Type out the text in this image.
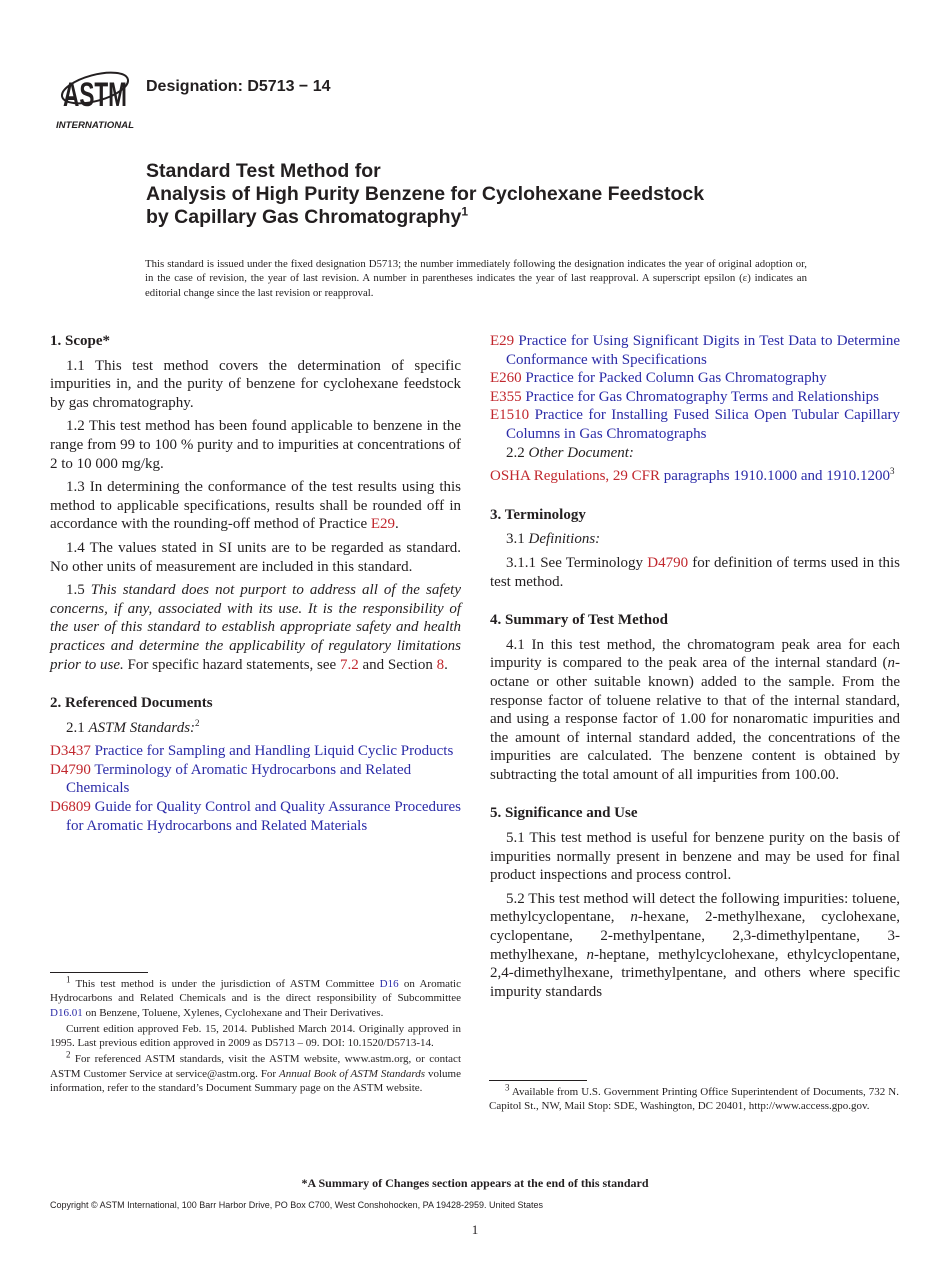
ASTM
INTERNATIONAL
Designation: D5713 − 14
Standard Test Method for
Analysis of High Purity Benzene for Cyclohexane Feedstock
by Capillary Gas Chromatography$^1$
This standard is issued under the fixed designation D5713; the number immediately following the designation indicates the year of original adoption or, in the case of revision, the year of last revision. A number in parentheses indicates the year of last reapproval. A superscript epsilon (ε) indicates an editorial change since the last revision or reapproval.
1. Scope*

1.1 This test method covers the determination of specific impurities in, and the purity of benzene for cyclohexane feedstock by gas chromatography.

1.2 This test method has been found applicable to benzene in the range from 99 to 100 % purity and to impurities at concentrations of 2 to 10 000 mg/kg.

1.3 In determining the conformance of the test results using this method to applicable specifications, results shall be rounded off in accordance with the rounding-off method of Practice E29.

1.4 The values stated in SI units are to be regarded as standard. No other units of measurement are included in this standard.

1.5 This standard does not purport to address all of the safety concerns, if any, associated with its use. It is the responsibility of the user of this standard to establish appropriate safety and health practices and determine the applicability of regulatory limitations prior to use. For specific hazard statements, see 7.2 and Section 8.

2. Referenced Documents

2.1 ASTM Standards:$^2$

D3437 Practice for Sampling and Handling Liquid Cyclic Products

D4790 Terminology of Aromatic Hydrocarbons and Related Chemicals

D6809 Guide for Quality Control and Quality Assurance Procedures for Aromatic Hydrocarbons and Related Materials

E29 Practice for Using Significant Digits in Test Data to Determine Conformance with Specifications

E260 Practice for Packed Column Gas Chromatography

E355 Practice for Gas Chromatography Terms and Relationships

E1510 Practice for Installing Fused Silica Open Tubular Capillary Columns in Gas Chromatographs

2.2 Other Document:

OSHA Regulations, 29 CFR paragraphs 1910.1000 and 1910.1200$^3$

3. Terminology

3.1 Definitions:

3.1.1 See Terminology D4790 for definition of terms used in this test method.

4. Summary of Test Method

4.1 In this test method, the chromatogram peak area for each impurity is compared to the peak area of the internal standard (n-octane or other suitable known) added to the sample. From the response factor of toluene relative to that of the internal standard, and using a response factor of 1.00 for nonaromatic impurities and the amount of internal standard added, the concentrations of the impurities are calculated. The benzene content is obtained by subtracting the total amount of all impurities from 100.00.

5. Significance and Use

5.1 This test method is useful for benzene purity on the basis of impurities normally present in benzene and may be used for final product inspections and process control.

5.2 This test method will detect the following impurities: toluene, methylcyclopentane, n-hexane, 2-methylhexane, cyclohexane, cyclopentane, 2-methylpentane, 2,3-dimethylpentane, 3-methylhexane, n-heptane, methylcyclohexane, ethylcyclopentane, 2,4-dimethylhexane, trimethylpentane, and others where specific impurity standards

$^1$ This test method is under the jurisdiction of ASTM Committee D16 on Aromatic Hydrocarbons and Related Chemicals and is the direct responsibility of Subcommittee D16.01 on Benzene, Toluene, Xylenes, Cyclohexane and Their Derivatives.

Current edition approved Feb. 15, 2014. Published March 2014. Originally approved in 1995. Last previous edition approved in 2009 as D5713 – 09. DOI: 10.1520/D5713-14.

$^2$ For referenced ASTM standards, visit the ASTM website, www.astm.org, or contact ASTM Customer Service at service@astm.org. For Annual Book of ASTM Standards volume information, refer to the standard’s Document Summary page on the ASTM website.	$^3$ Available from U.S. Government Printing Office Superintendent of Documents, 732 N. Capitol St., NW, Mail Stop: SDE, Washington, DC 20401, http://www.access.gpo.gov.

*A Summary of Changes section appears at the end of this standard
Copyright © ASTM International, 100 Barr Harbor Drive, PO Box C700, West Conshohocken, PA 19428-2959. United States
1
